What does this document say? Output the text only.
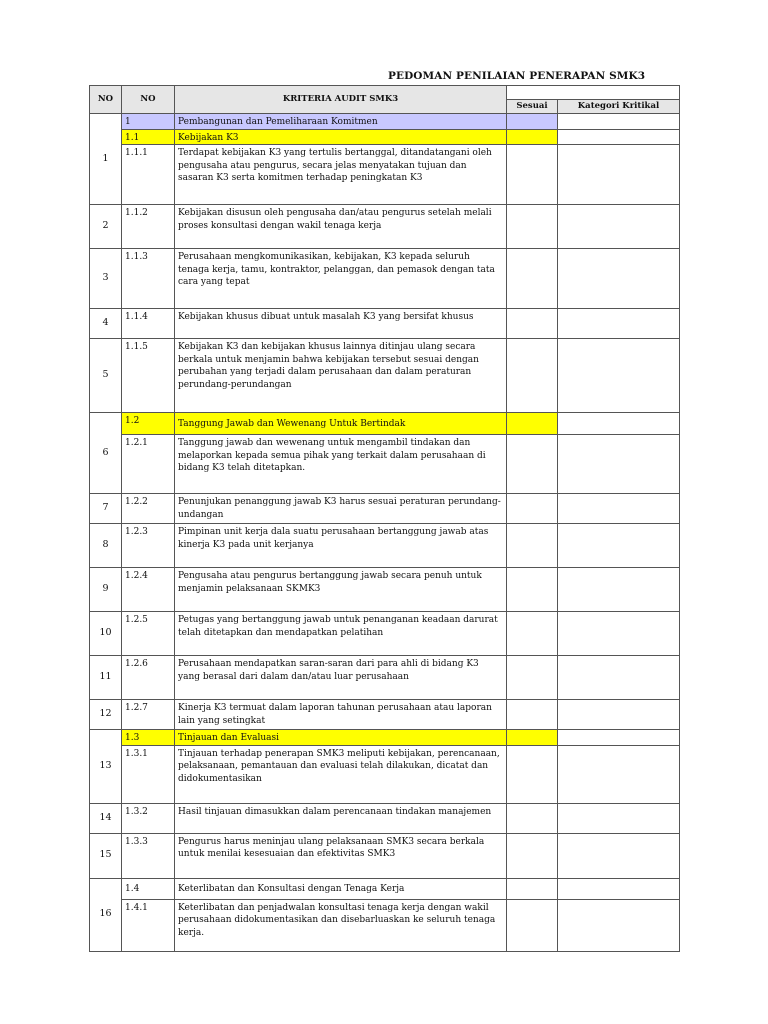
PEDOMAN PENILAIAN PENERAPAN SMK3
NO	NO	KRITERIA AUDIT SMK3		
			Sesuai	Kategori Kritikal
1	1	Pembangunan dan Pemeliharaan Komitmen		
	1.1	Kebijakan K3		
	1.1.1	Terdapat kebijakan K3 yang tertulis bertanggal, ditandatangani oleh pengusaha atau pengurus, secara jelas menyatakan tujuan dan sasaran K3 serta komitmen terhadap peningkatan K3		
2	1.1.2	Kebijakan disusun oleh pengusaha dan/atau pengurus setelah melali proses konsultasi dengan wakil tenaga kerja		
3	1.1.3	Perusahaan mengkomunikasikan, kebijakan, K3 kepada seluruh tenaga kerja, tamu, kontraktor, pelanggan, dan pemasok dengan tata cara yang tepat		
4	1.1.4	Kebijakan khusus dibuat untuk masalah K3 yang bersifat khusus		
5	1.1.5	Kebijakan K3 dan kebijakan khusus lainnya ditinjau ulang secara berkala untuk menjamin bahwa kebijakan tersebut sesuai dengan perubahan yang terjadi dalam perusahaan dan dalam peraturan perundang-perundangan		
6	1.2	Tanggung Jawab dan Wewenang Untuk Bertindak		
	1.2.1	Tanggung jawab dan wewenang untuk mengambil tindakan dan melaporkan kepada semua pihak yang terkait dalam perusahaan di bidang K3 telah ditetapkan.		
7	1.2.2	Penunjukan penanggung jawab K3 harus sesuai peraturan perundang-undangan		
8	1.2.3	Pimpinan unit kerja dala suatu perusahaan bertanggung jawab atas kinerja K3 pada unit kerjanya		
9	1.2.4	Pengusaha atau pengurus bertanggung jawab secara penuh untuk menjamin pelaksanaan SKMK3		
10	1.2.5	Petugas yang bertanggung jawab untuk penanganan keadaan darurat telah ditetapkan dan mendapatkan pelatihan		
11	1.2.6	Perusahaan mendapatkan saran-saran dari para ahli di bidang K3 yang berasal dari dalam dan/atau luar perusahaan		
12	1.2.7	Kinerja K3 termuat dalam laporan tahunan perusahaan atau laporan lain yang setingkat		
13	1.3	Tinjauan dan Evaluasi		
	1.3.1	Tinjauan terhadap penerapan SMK3 meliputi kebijakan, perencanaan, pelaksanaan, pemantauan dan evaluasi telah dilakukan, dicatat dan didokumentasikan		
14	1.3.2	Hasil tinjauan dimasukkan dalam perencanaan tindakan manajemen		
15	1.3.3	Pengurus harus meninjau ulang pelaksanaan SMK3 secara berkala untuk menilai kesesuaian dan efektivitas SMK3		
16	1.4	Keterlibatan dan Konsultasi dengan Tenaga Kerja		
	1.4.1	Keterlibatan dan penjadwalan konsultasi tenaga kerja dengan wakil perusahaan didokumentasikan dan disebarluaskan ke seluruh tenaga kerja.		
